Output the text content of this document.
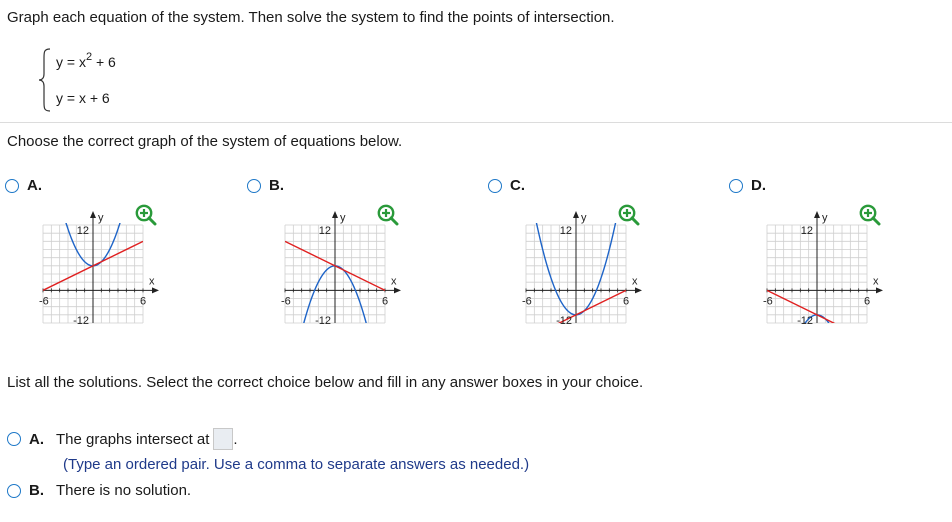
Graph each equation of the system. Then solve the system to find the points of intersection.
$y = x^2 + 6$
y = x + 6
Choose the correct graph of the system of equations below.
A.
y
x
-6	6
12
-12
B.
y
x
-6	6
12
-12
C.
y
x
-6	6
12
-12
D.
y
x
-6	6
12
-12
List all the solutions. Select the correct choice below and fill in any answer boxes in your choice.
A. The graphs intersect at .
(Type an ordered pair. Use a comma to separate answers as needed.)
B. There is no solution.
